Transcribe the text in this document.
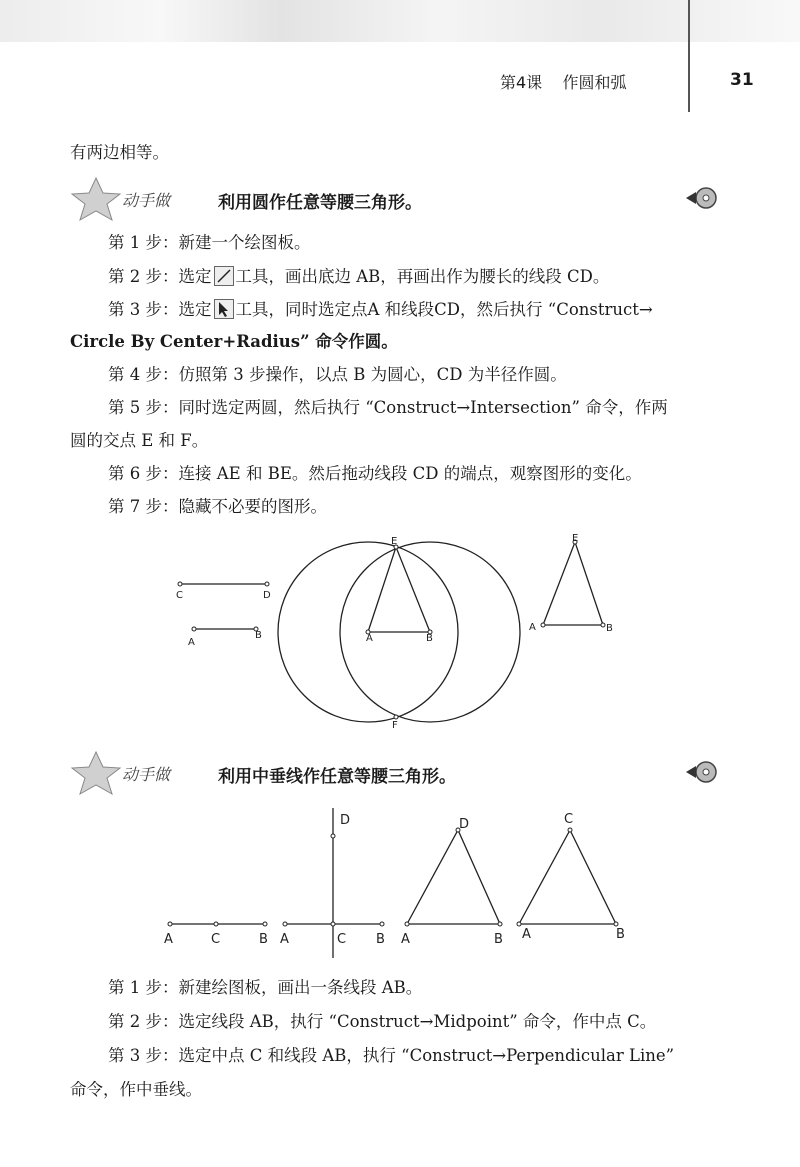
第4课 作圆和弧	31
有两边相等。
动手做	利用圆作任意等腰三角形。
第 1 步：新建一个绘图板。
第 2 步：选定 工具，画出底边 AB，再画出作为腰长的线段 CD。
第 3 步：选定 工具，同时选定点A 和线段CD，然后执行 “Construct→
Circle By Center+Radius” 命令作圆。
第 4 步：仿照第 3 步操作，以点 B 为圆心，CD 为半径作圆。
第 5 步：同时选定两圆，然后执行 “Construct→Intersection” 命令，作两
圆的交点 E 和 F。
第 6 步：连接 AE 和 BE。然后拖动线段 CD 的端点，观察图形的变化。
第 7 步：隐藏不必要的图形。
C	D
A
B
E
F
A	B
A	B
E
动手做	利用中垂线作任意等腰三角形。
A	C	B A	C B
D
A	B
D
A	B
C
第 1 步：新建绘图板，画出一条线段 AB。
第 2 步：选定线段 AB，执行 “Construct→Midpoint” 命令，作中点 C。
第 3 步：选定中点 C 和线段 AB，执行 “Construct→Perpendicular Line”
命令，作中垂线。
